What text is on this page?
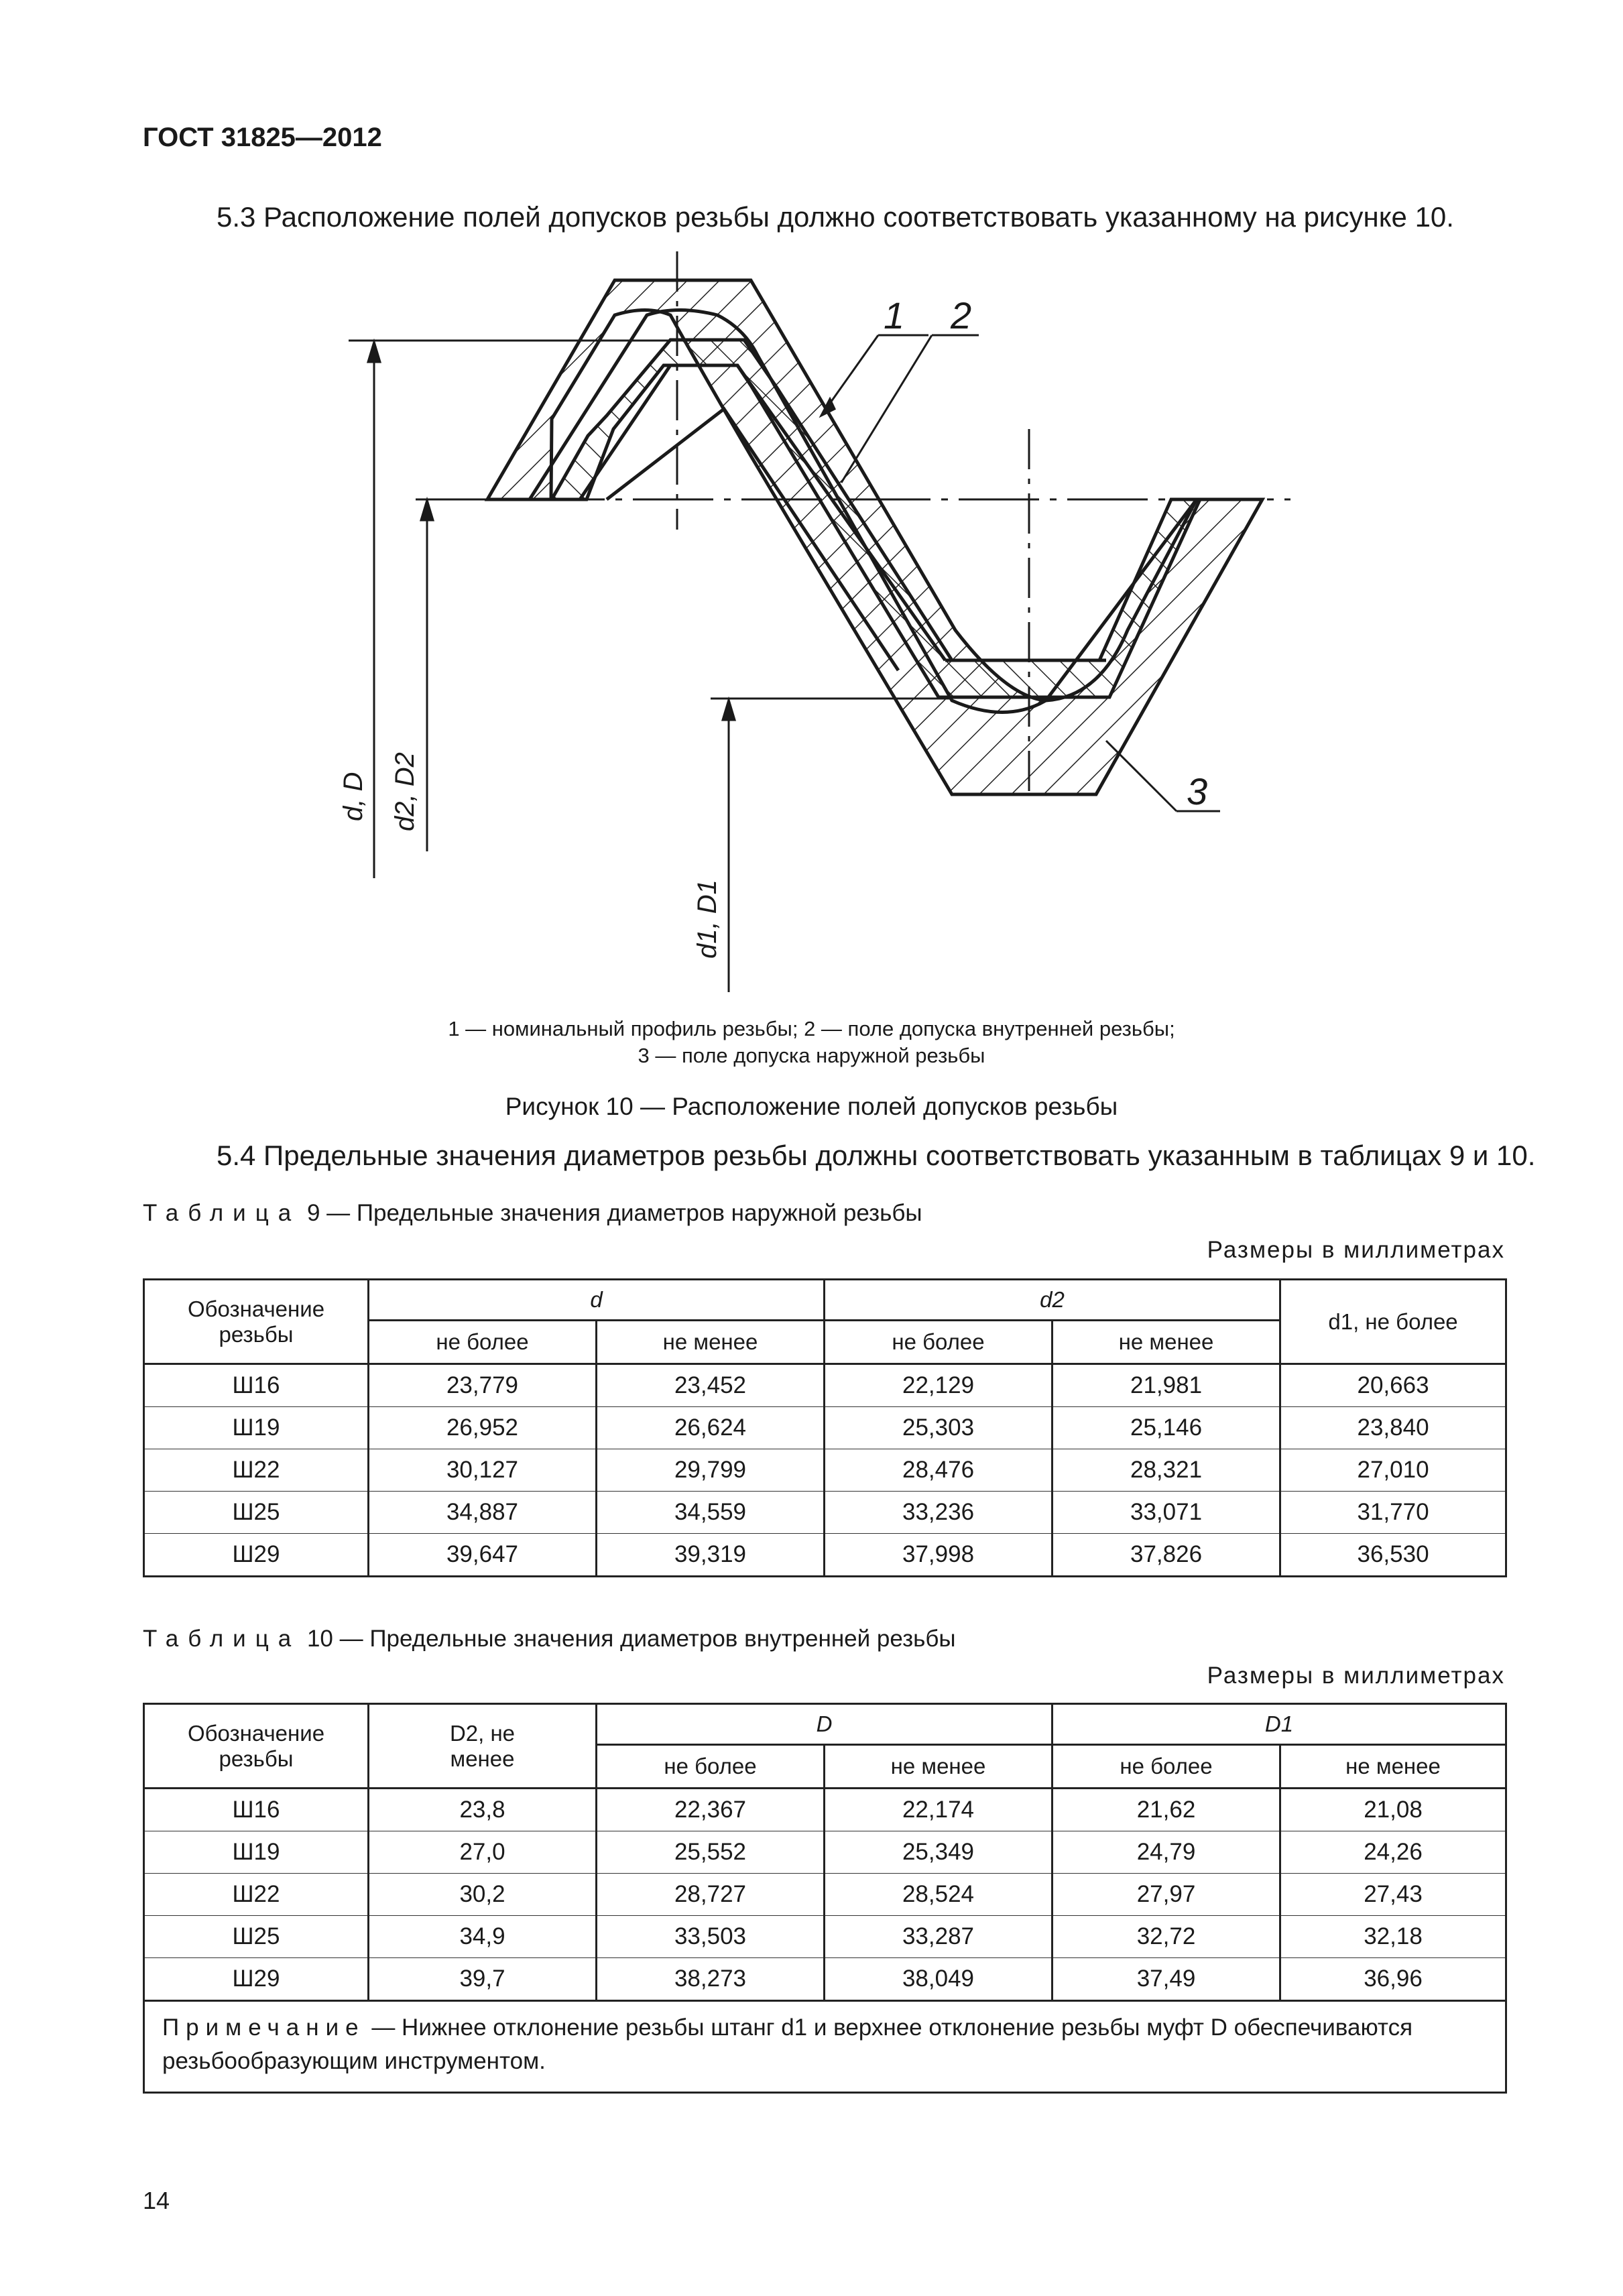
ГОСТ 31825—2012
5.3 Расположение полей допусков резьбы должно соответствовать указанному на рисунке 10.
d, D d2, D2
d1, D1
1 2
3
1 — номинальный профиль резьбы; 2 — поле допуска внутренней резьбы;
3 — поле допуска наружной резьбы
Рисунок 10 — Расположение полей допусков резьбы
5.4 Предельные значения диаметров резьбы должны соответствовать указанным в таблицах 9 и 10.
Таблица 9 — Предельные значения диаметров наружной резьбы
Размеры в миллиметрах
Обозначение резьбы	d		d2		d1, не более
	не более	не менее	не более	не менее	
Ш16	23,779	23,452	22,129	21,981	20,663
Ш19	26,952	26,624	25,303	25,146	23,840
Ш22	30,127	29,799	28,476	28,321	27,010
Ш25	34,887	34,559	33,236	33,071	31,770
Ш29	39,647	39,319	37,998	37,826	36,530
Таблица 10 — Предельные значения диаметров внутренней резьбы
Размеры в миллиметрах
Обозначение резьбы	D2, не менее	D		D1	
		не более	не менее	не более	не менее
Ш16	23,8	22,367	22,174	21,62	21,08
Ш19	27,0	25,552	25,349	24,79	24,26
Ш22	30,2	28,727	28,524	27,97	27,43
Ш25	34,9	33,503	33,287	32,72	32,18
Ш29	39,7	38,273	38,049	37,49	36,96
Примечание — Нижнее отклонение резьбы штанг d1 и верхнее отклонение резьбы муфт D обеспечиваются резьбообразующим инструментом.					
14
